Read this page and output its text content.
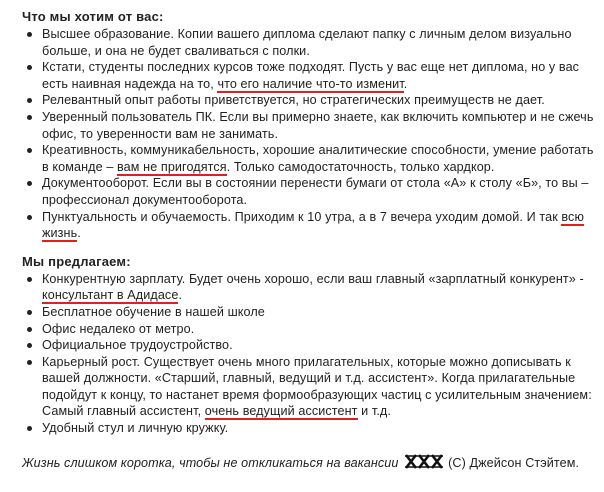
Что мы хотим от вас:
Высшее образование. Копии вашего диплома сделают папку с личным делом визуально больше, и она не будет сваливаться с полки.
Кстати, студенты последних курсов тоже подходят. Пусть у вас еще нет диплома, но у вас есть наивная надежда на то, что его наличие что-то изменит.
Релевантный опыт работы приветствуется, но стратегических преимуществ не дает.
Уверенный пользователь ПК. Если вы примерно знаете, как включить компьютер и не сжечь офис, то уверенности вам не занимать.
Креативность, коммуникабельность, хорошие аналитические способности, умение работать в команде – вам не пригодятся. Только самодостаточность, только хардкор.
Документооборот. Если вы в состоянии перенести бумаги от стола «А» к столу «Б», то вы – профессионал документооборота.
Пунктуальность и обучаемость. Приходим к 10 утра, а в 7 вечера уходим домой. И так всю жизнь.
Мы предлагаем:
Конкурентную зарплату. Будет очень хорошо, если ваш главный «зарплатный конкурент» - консультант в Адидасе.
Бесплатное обучение в нашей школе
Офис недалеко от метро.
Официальное трудоустройство.
Карьерный рост. Существует очень много прилагательных, которые можно дописывать к вашей должности. «Старший, главный, ведущий и т.д. ассистент». Когда прилагательные подойдут к концу, то настанет время формообразующих частиц с усилительным значением: Самый главный ассистент, очень ведущий ассистент и т.д.
Удобный стул и личную кружку.
Жизнь слишком коротка, чтобы не откликаться на вакансии	(С) Джейсон Стэйтем.
